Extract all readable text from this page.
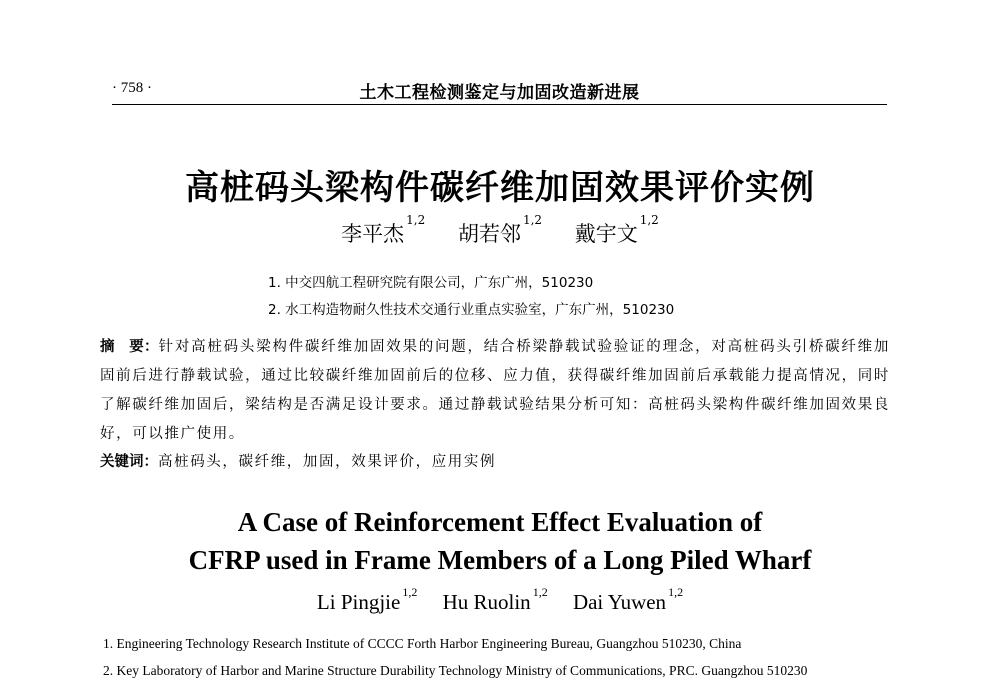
· 758 ·	土木工程检测鉴定与加固改造新进展
高桩码头梁构件碳纤维加固效果评价实例
李平杰$^{1,2}$ 胡若邻$^{1,2}$ 戴宇文$^{1,2}$
1. 中交四航工程研究院有限公司，广东广州，510230
2. 水工构造物耐久性技术交通行业重点实验室，广东广州，510230
摘　要：针对高桩码头梁构件碳纤维加固效果的问题，结合桥梁静载试验验证的理念，对高桩码头引桥碳纤维加固前后进行静载试验，通过比较碳纤维加固前后的位移、应力值，获得碳纤维加固前后承载能力提高情况，同时了解碳纤维加固后，梁结构是否满足设计要求。通过静载试验结果分析可知：高桩码头梁构件碳纤维加固效果良好，可以推广使用。
关键词：高桩码头，碳纤维，加固，效果评价，应用实例
A Case of Reinforcement Effect Evaluation of
CFRP used in Frame Members of a Long Piled Wharf
Li Pingjie $^{1,2}$ Hu Ruolin $^{1,2}$ Dai Yuwen $^{1,2}$
1. Engineering Technology Research Institute of CCCC Forth Harbor Engineering Bureau, Guangzhou 510230, China
2. Key Laboratory of Harbor and Marine Structure Durability Technology Ministry of Communications, PRC. Guangzhou 510230
